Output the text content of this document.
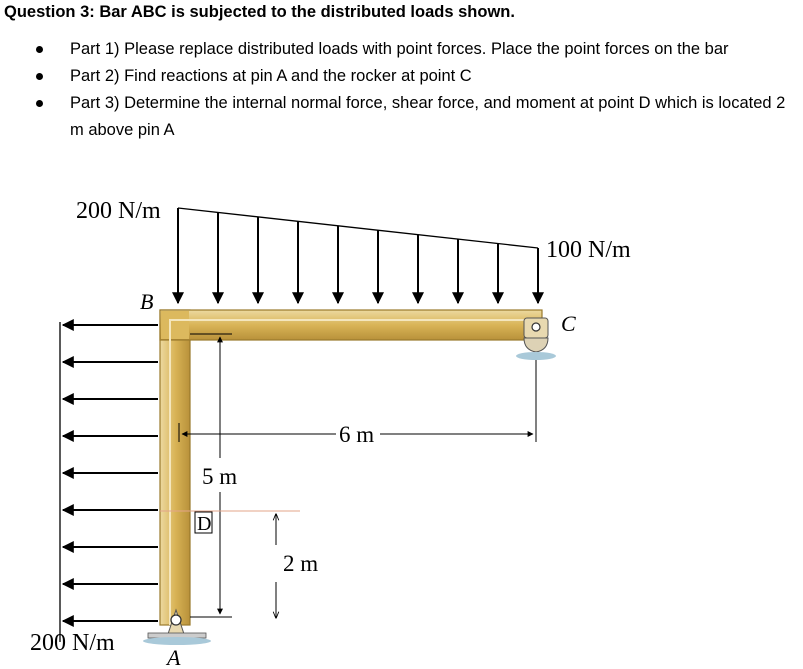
Question 3: Bar ABC is subjected to the distributed loads shown.
Part 1) Please replace distributed loads with point forces. Place the point forces on the bar
Part 2) Find reactions at pin A and the rocker at point C
Part 3) Determine the internal normal force, shear force, and moment at point D which is located 2 m above pin A
200 N/m
100 N/m
200 N/m
B
C
D
A
6 m
5 m
2 m
